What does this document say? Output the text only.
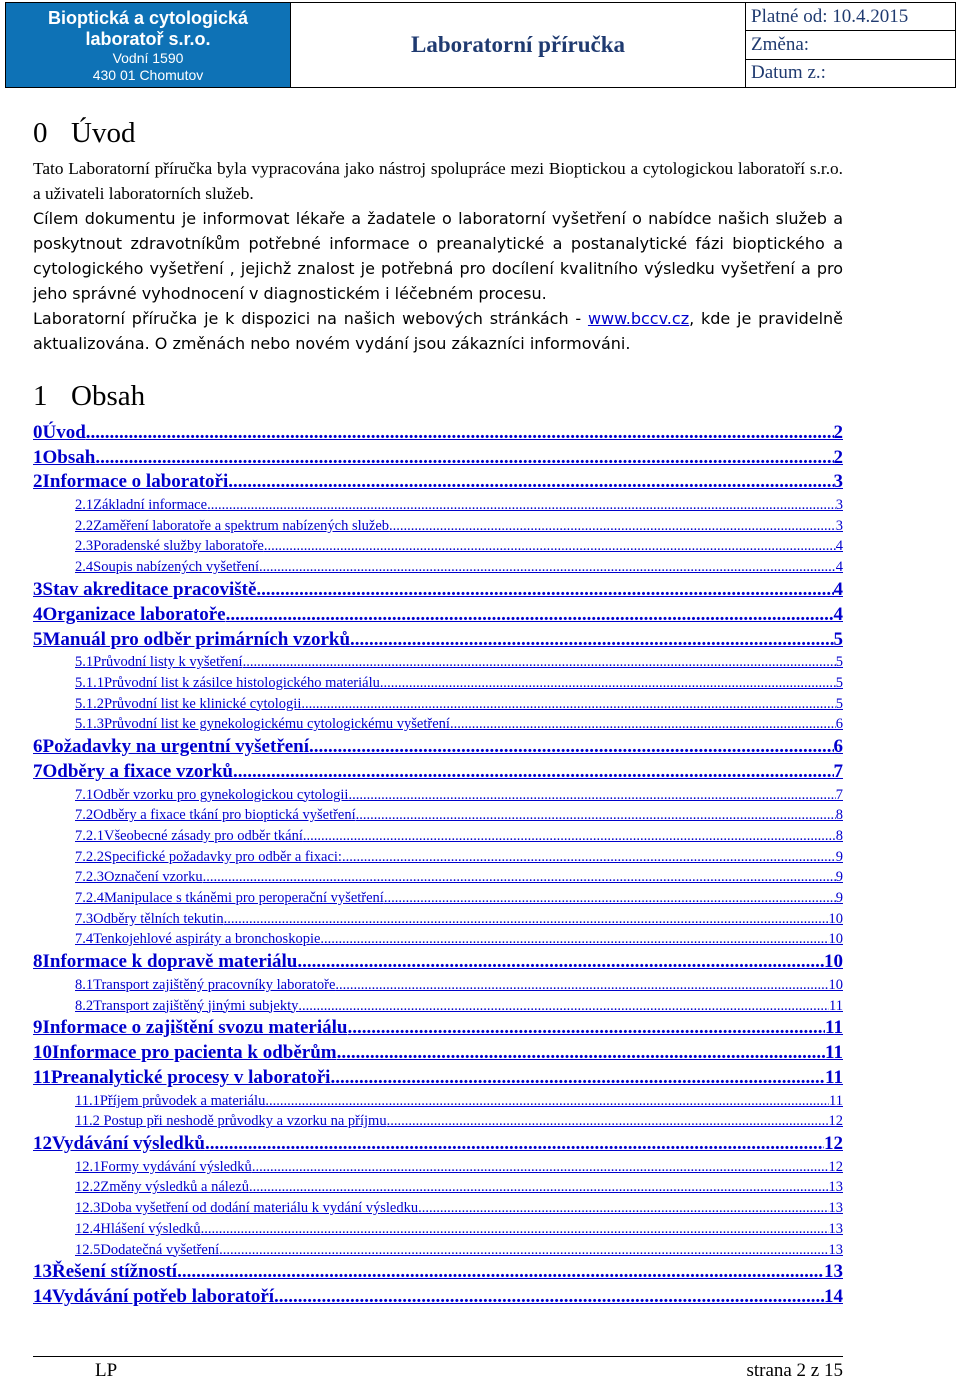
Bioptická a cytologická
laboratoř s.r.o.
Vodní 1590
430 01 Chomutov
Laboratorní příručka
Platné od: 10.4.2015
Změna:
Datum z.:
0 Úvod

Tato Laboratorní příručka byla vypracována jako nástroj spolupráce mezi Bioptickou a cytologickou laboratoří s.r.o. a uživateli laboratorních služeb.

Cílem dokumentu je informovat lékaře a žadatele o laboratorní vyšetření o nabídce našich služeb a poskytnout zdravotníkům potřebné informace o preanalytické a postanalytické fázi bioptického a cytologického vyšetření , jejichž znalost je potřebná pro docílení kvalitního výsledku vyšetření a pro jeho správné vyhodnocení v diagnostickém i léčebném procesu.

Laboratorní příručka je k dispozici na našich webových stránkách - www.bccv.cz, kde je pravidelně aktualizována. O změnách nebo novém vydání jsou zákazníci informováni.

1 Obsah
0Úvod .....	2
1Obsah .....	2
2Informace o laboratoři .....	3
2.1Základní informace .....	3
2.2Zaměření laboratoře a spektrum nabízených služeb .....	3
2.3Poradenské služby laboratoře .....	4
2.4Soupis nabízených vyšetření .....	4
3Stav akreditace pracoviště .....	4
4Organizace laboratoře .....	4
5Manuál pro odběr primárních vzorků .....	5
5.1Průvodní listy k vyšetření .....	5
5.1.1Průvodní list k zásilce histologického materiálu .....	5
5.1.2Průvodní list ke klinické cytologii .....	5
5.1.3Průvodní list ke gynekologickému cytologickému vyšetření .....	6
6Požadavky na urgentní vyšetření .....	6
7Odběry a fixace vzorků .....	7
7.1Odběr vzorku pro gynekologickou cytologii .....	7
7.2Odběry a fixace tkání pro bioptická vyšetření .....	8
7.2.1Všeobecné zásady pro odběr tkání .....	8
7.2.2Specifické požadavky pro odběr a fixaci: .....	9
7.2.3Označení vzorku .....	9
7.2.4Manipulace s tkáněmi pro peroperační vyšetření .....	9
7.3Odběry tělních tekutin .....	10
7.4Tenkojehlové aspiráty a bronchoskopie .....	10
8Informace k dopravě materiálu .....	10
8.1Transport zajištěný pracovníky laboratoře .....	10
8.2Transport zajištěný jinými subjekty .....	11
9Informace o zajištění svozu materiálu .....	11
10Informace pro pacienta k odběrům .....	11
11Preanalytické procesy v laboratoři .....	11
11.1Příjem průvodek a materiálu .....	11
11.2 Postup při neshodě průvodky a vzorku na příjmu .....	12
12Vydávání výsledků .....	12
12.1Formy vydávání výsledků .....	12
12.2Změny výsledků a nálezů .....	13
12.3Doba vyšetření od dodání materiálu k vydání výsledku .....	13
12.4Hlášení výsledků .....	13
12.5Dodatečná vyšetření .....	13
13Řešení stížností .....	13
14Vydávání potřeb laboratoří .....	14
LP	strana 2 z 15
